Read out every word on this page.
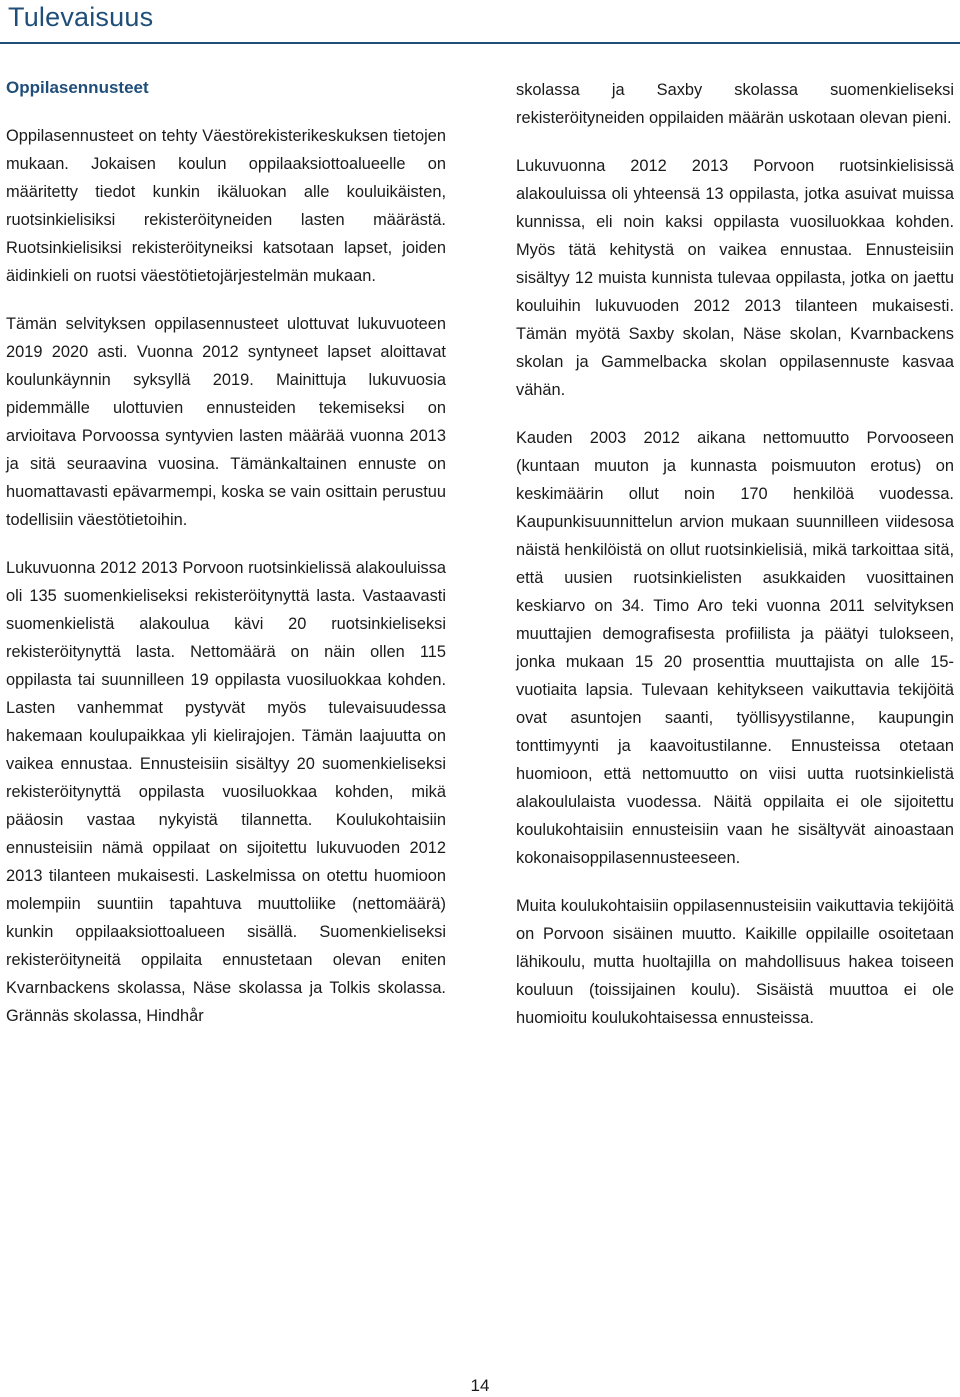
Tulevaisuus

Oppilasennusteet

Oppilasennusteet on tehty Väestörekisterikeskuksen tietojen mukaan. Jokaisen koulun oppilaaksiottoalueelle on määritetty tiedot kunkin ikäluokan alle kouluikäisten, ruotsinkielisiksi rekisteröityneiden lasten määrästä. Ruotsinkielisiksi rekisteröityneiksi katsotaan lapset, joiden äidinkieli on ruotsi väestötietojärjestelmän mukaan.

Tämän selvityksen oppilasennusteet ulottuvat lukuvuoteen 2019 2020 asti. Vuonna 2012 syntyneet lapset aloittavat koulunkäynnin syksyllä 2019. Mainittuja lukuvuosia pidemmälle ulottuvien ennusteiden tekemiseksi on arvioitava Porvoossa syntyvien lasten määrää vuonna 2013 ja sitä seuraavina vuosina. Tämänkaltainen ennuste on huomattavasti epävarmempi, koska se vain osittain perustuu todellisiin väestötietoihin.

Lukuvuonna 2012 2013 Porvoon ruotsinkielissä alakouluissa oli 135 suomenkieliseksi rekisteröitynyttä lasta. Vastaavasti suomenkielistä alakoulua kävi 20 ruotsinkieliseksi rekisteröitynyttä lasta. Nettomäärä on näin ollen 115 oppilasta tai suunnilleen 19 oppilasta vuosiluokkaa kohden. Lasten vanhemmat pystyvät myös tulevaisuudessa hakemaan koulupaikkaa yli kielirajojen. Tämän laajuutta on vaikea ennustaa. Ennusteisiin sisältyy 20 suomenkieliseksi rekisteröitynyttä oppilasta vuosiluokkaa kohden, mikä pääosin vastaa nykyistä tilannetta. Koulukohtaisiin ennusteisiin nämä oppilaat on sijoitettu lukuvuoden 2012 2013 tilanteen mukaisesti. Laskelmissa on otettu huomioon molempiin suuntiin tapahtuva muuttoliike (nettomäärä) kunkin oppilaaksiottoalueen sisällä. Suomenkieliseksi rekisteröityneitä oppilaita ennustetaan olevan eniten Kvarnbackens skolassa, Näse skolassa ja Tolkis skolassa. Grännäs skolassa, Hindhår

skolassa ja Saxby skolassa suomenkieliseksi rekisteröityneiden oppilaiden määrän uskotaan olevan pieni.

Lukuvuonna 2012 2013 Porvoon ruotsinkielisissä alakouluissa oli yhteensä 13 oppilasta, jotka asuivat muissa kunnissa, eli noin kaksi oppilasta vuosiluokkaa kohden. Myös tätä kehitystä on vaikea ennustaa. Ennusteisiin sisältyy 12 muista kunnista tulevaa oppilasta, jotka on jaettu kouluihin lukuvuoden 2012 2013 tilanteen mukaisesti. Tämän myötä Saxby skolan, Näse skolan, Kvarnbackens skolan ja Gammelbacka skolan oppilasennuste kasvaa vähän.

Kauden 2003 2012 aikana nettomuutto Porvooseen (kuntaan muuton ja kunnasta poismuuton erotus) on keskimäärin ollut noin 170 henkilöä vuodessa. Kaupunkisuunnittelun arvion mukaan suunnilleen viidesosa näistä henkilöistä on ollut ruotsinkielisiä, mikä tarkoittaa sitä, että uusien ruotsinkielisten asukkaiden vuosittainen keskiarvo on 34. Timo Aro teki vuonna 2011 selvityksen muuttajien demografisesta profiilista ja päätyi tulokseen, jonka mukaan 15 20 prosenttia muuttajista on alle 15-vuotiaita lapsia. Tulevaan kehitykseen vaikuttavia tekijöitä ovat asuntojen saanti, työllisyystilanne, kaupungin tonttimyynti ja kaavoitustilanne. Ennusteissa otetaan huomioon, että nettomuutto on viisi uutta ruotsinkielistä alakoululaista vuodessa. Näitä oppilaita ei ole sijoitettu koulukohtaisiin ennusteisiin vaan he sisältyvät ainoastaan kokonaisoppilasennusteeseen.

Muita koulukohtaisiin oppilasennusteisiin vaikuttavia tekijöitä on Porvoon sisäinen muutto. Kaikille oppilaille osoitetaan lähikoulu, mutta huoltajilla on mahdollisuus hakea toiseen kouluun (toissijainen koulu). Sisäistä muuttoa ei ole huomioitu koulukohtaisessa ennusteissa.

14
